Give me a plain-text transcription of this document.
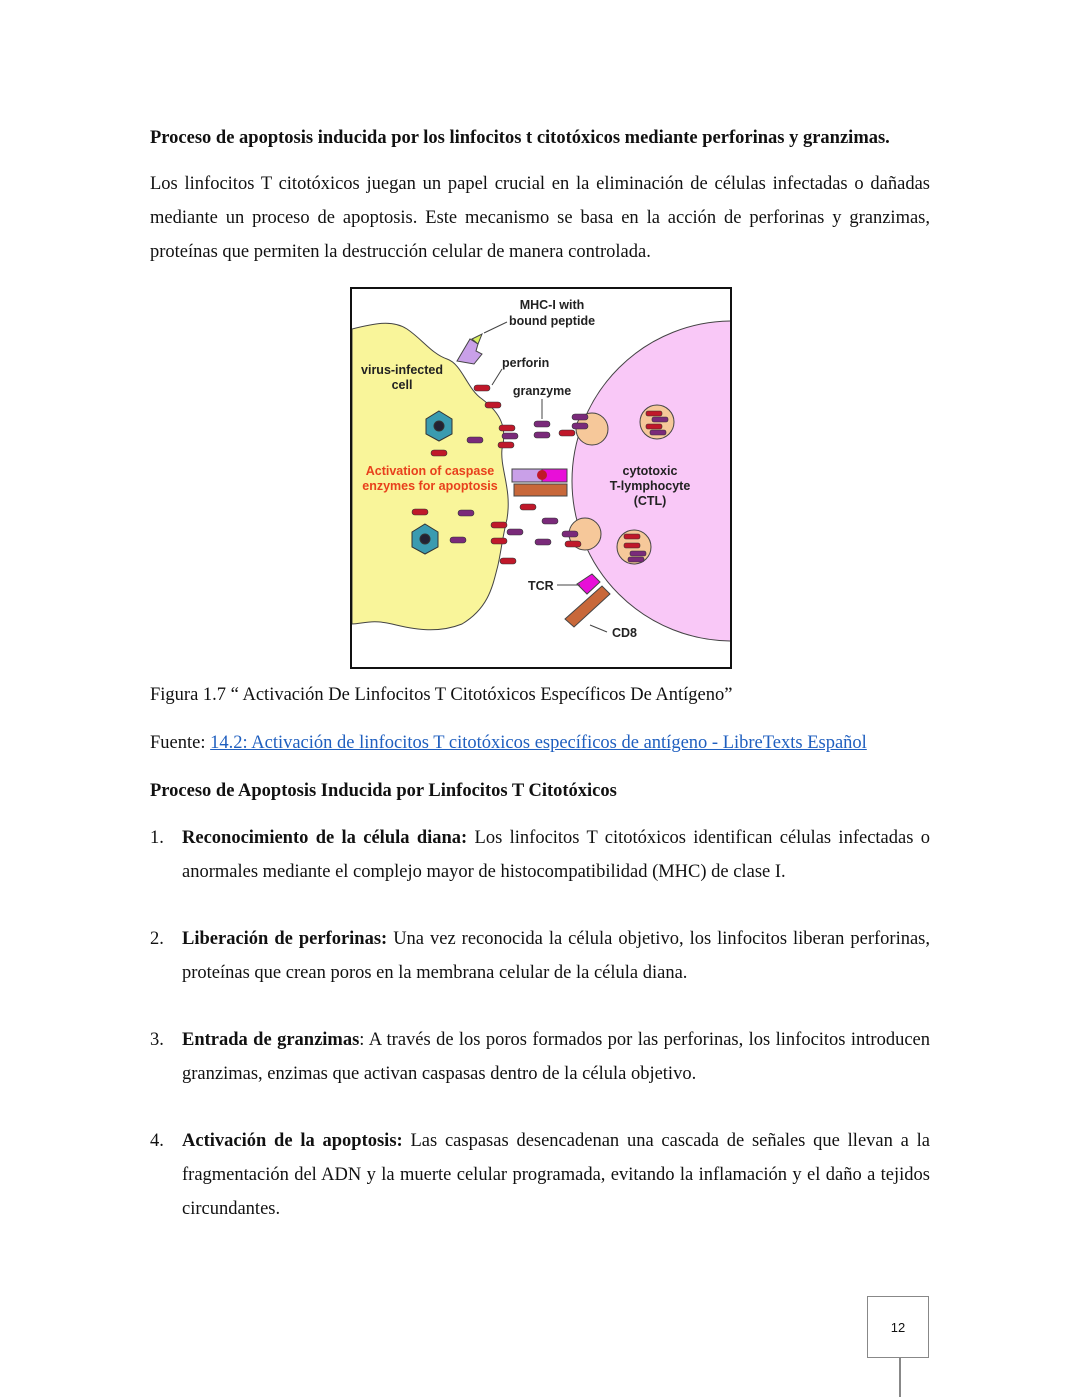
Proceso de apoptosis inducida por los linfocitos t citotóxicos mediante perforinas y granzimas.
Los linfocitos T citotóxicos juegan un papel crucial en la eliminación de células infectadas o dañadas mediante un proceso de apoptosis. Este mecanismo se basa en la acción de perforinas y granzimas, proteínas que permiten la destrucción celular de manera controlada.
MHC-I with bound peptide
perforin
virus-infected cell	granzyme
Activation of caspase enzymes for apoptosis
cytotoxic T-lymphocyte (CTL)
TCR
CD8
Figura 1.7 “ Activación De Linfocitos T Citotóxicos Específicos De Antígeno”
Fuente: 14.2: Activación de linfocitos T citotóxicos específicos de antígeno - LibreTexts Español
Proceso de Apoptosis Inducida por Linfocitos T Citotóxicos
1. Reconocimiento de la célula diana: Los linfocitos T citotóxicos identifican células infectadas o anormales mediante el complejo mayor de histocompatibilidad (MHC) de clase I.
2. Liberación de perforinas: Una vez reconocida la célula objetivo, los linfocitos liberan perforinas, proteínas que crean poros en la membrana celular de la célula diana.
3. Entrada de granzimas: A través de los poros formados por las perforinas, los linfocitos introducen granzimas, enzimas que activan caspasas dentro de la célula objetivo.
4. Activación de la apoptosis: Las caspasas desencadenan una cascada de señales que llevan a la fragmentación del ADN y la muerte celular programada, evitando la inflamación y el daño a tejidos circundantes.
12
